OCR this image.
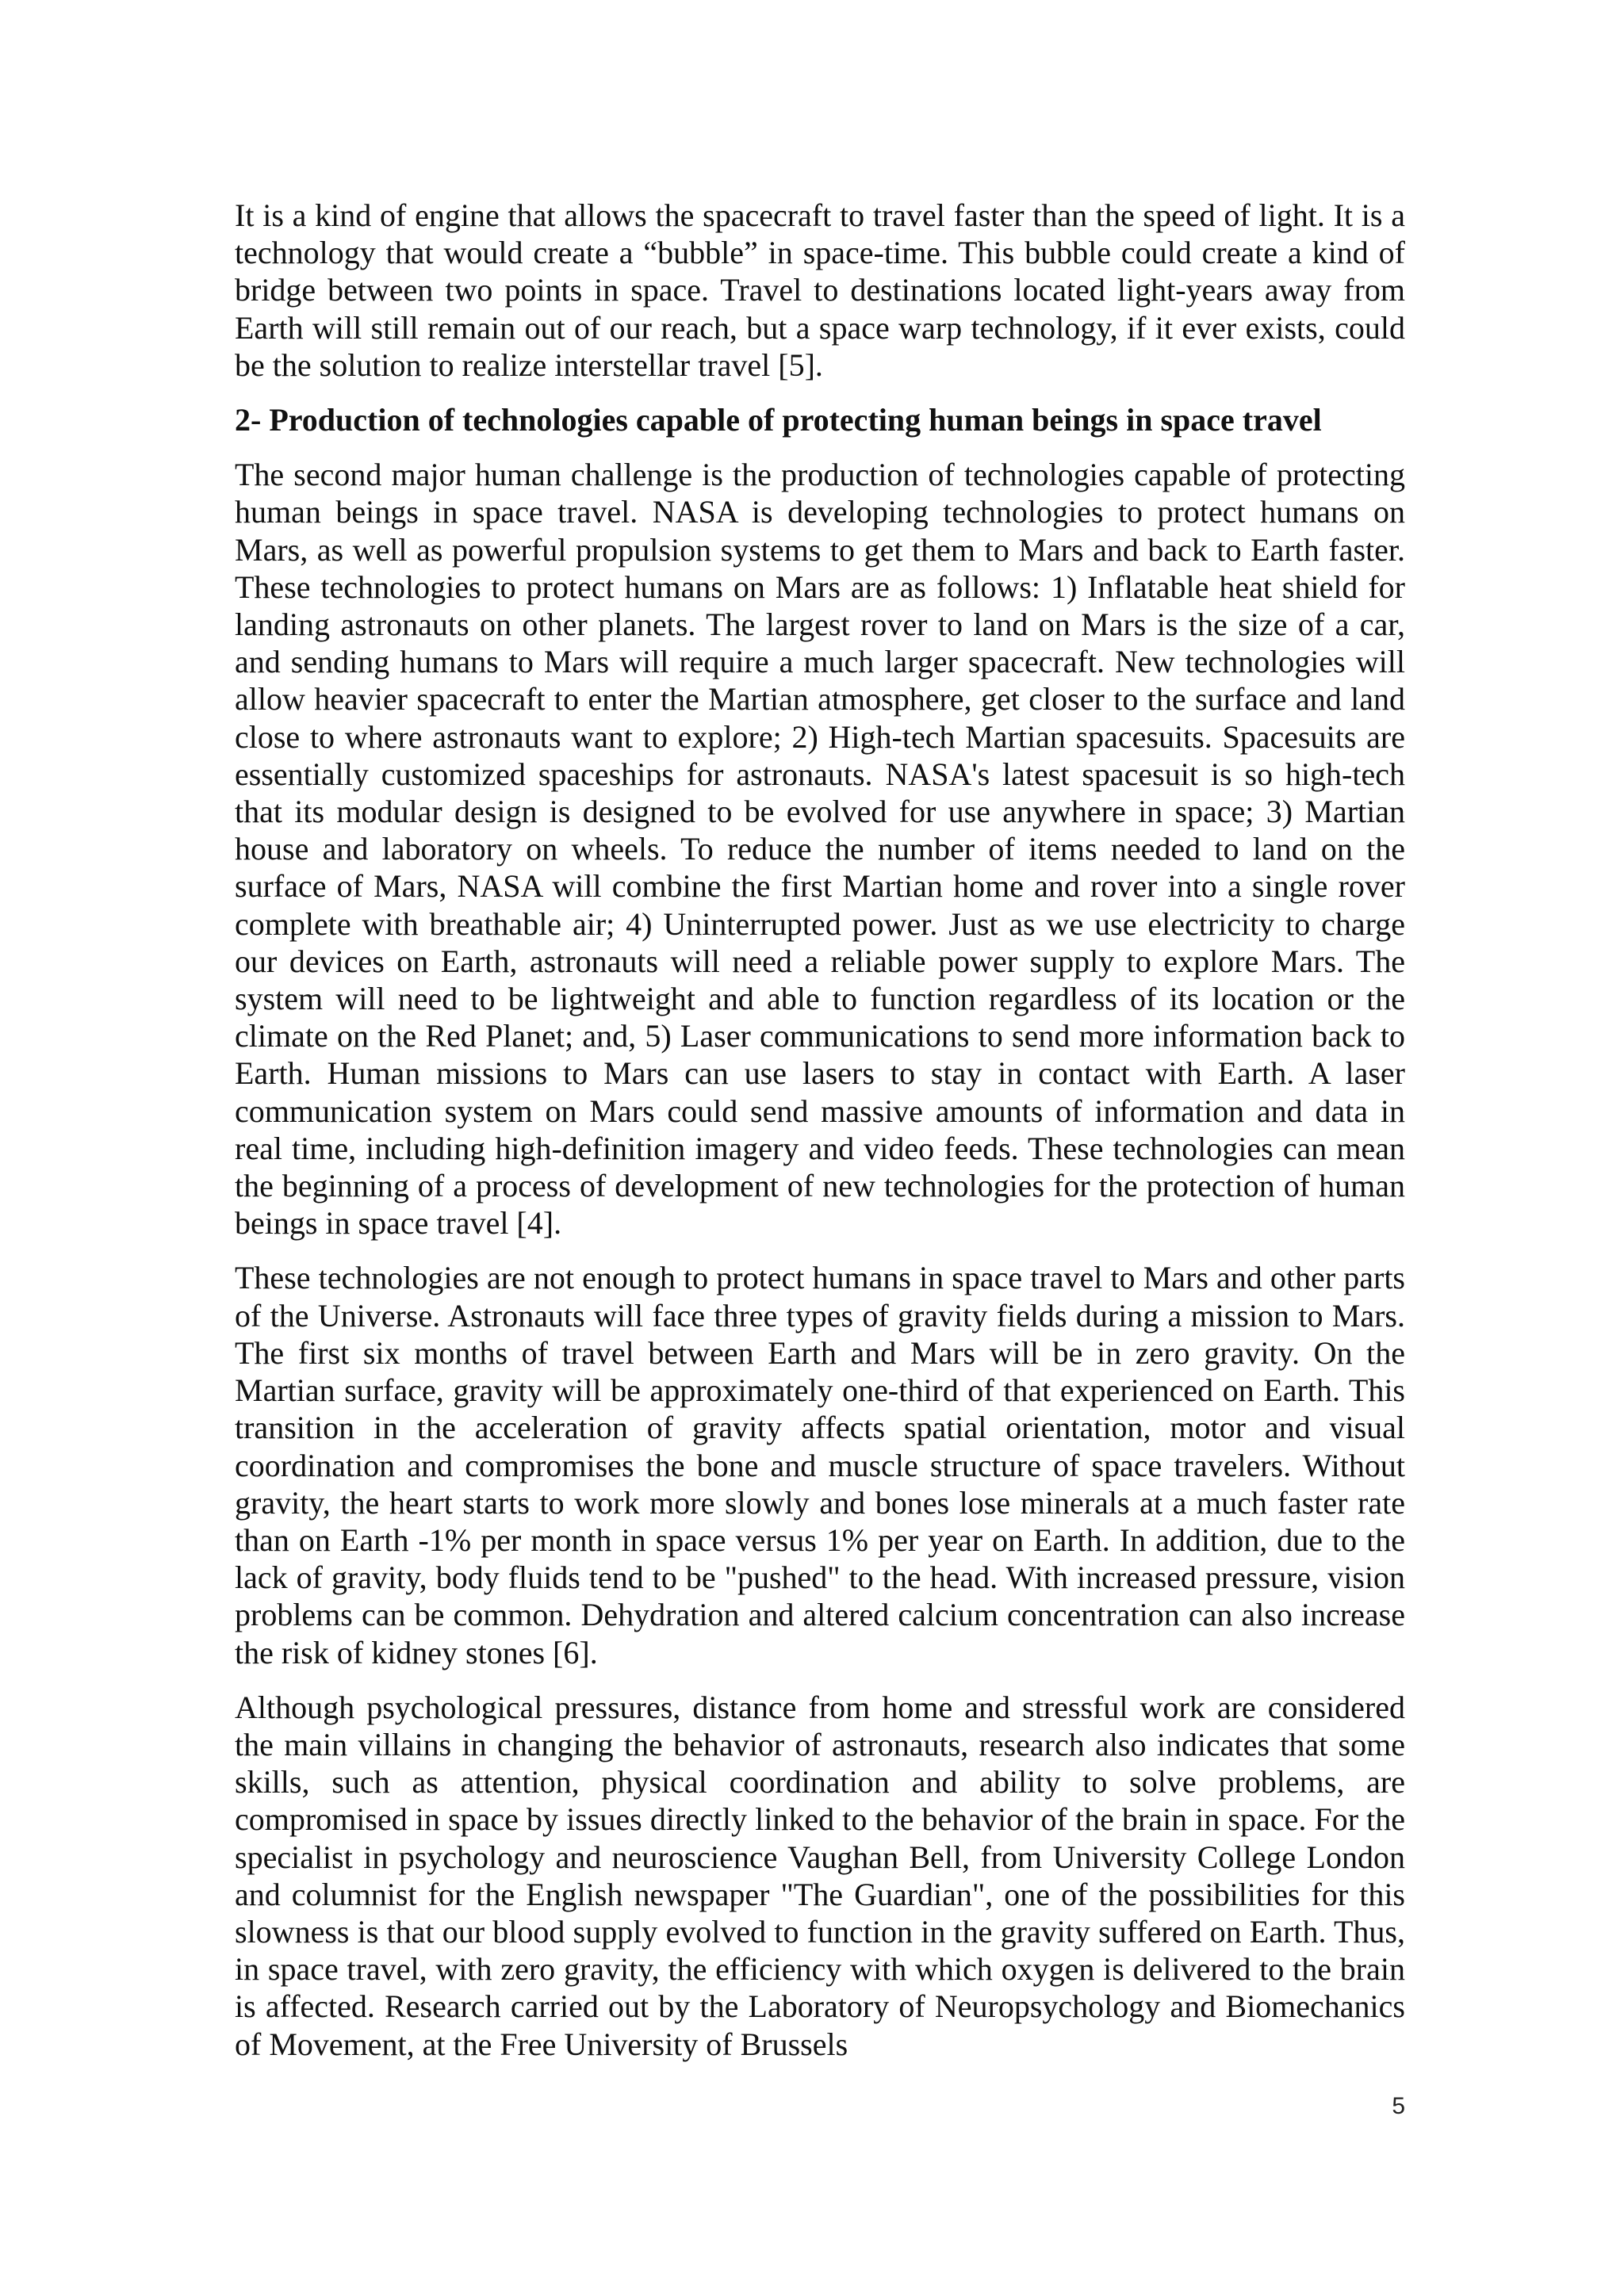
It is a kind of engine that allows the spacecraft to travel faster than the speed of light. It is a technology that would create a “bubble” in space-time. This bubble could create a kind of bridge between two points in space. Travel to destinations located light-years away from Earth will still remain out of our reach, but a space warp technology, if it ever exists, could be the solution to realize interstellar travel [5].

2- Production of technologies capable of protecting human beings in space travel

The second major human challenge is the production of technologies capable of protecting human beings in space travel. NASA is developing technologies to protect humans on Mars, as well as powerful propulsion systems to get them to Mars and back to Earth faster. These technologies to protect humans on Mars are as follows: 1) Inflatable heat shield for landing astronauts on other planets. The largest rover to land on Mars is the size of a car, and sending humans to Mars will require a much larger spacecraft. New technologies will allow heavier spacecraft to enter the Martian atmosphere, get closer to the surface and land close to where astronauts want to explore; 2) High-tech Martian spacesuits. Spacesuits are essentially customized spaceships for astronauts. NASA's latest spacesuit is so high-tech that its modular design is designed to be evolved for use anywhere in space; 3) Martian house and laboratory on wheels. To reduce the number of items needed to land on the surface of Mars, NASA will combine the first Martian home and rover into a single rover complete with breathable air; 4) Uninterrupted power. Just as we use electricity to charge our devices on Earth, astronauts will need a reliable power supply to explore Mars. The system will need to be lightweight and able to function regardless of its location or the climate on the Red Planet; and, 5) Laser communications to send more information back to Earth. Human missions to Mars can use lasers to stay in contact with Earth. A laser communication system on Mars could send massive amounts of information and data in real time, including high-definition imagery and video feeds. These technologies can mean the beginning of a process of development of new technologies for the protection of human beings in space travel [4].

These technologies are not enough to protect humans in space travel to Mars and other parts of the Universe. Astronauts will face three types of gravity fields during a mission to Mars. The first six months of travel between Earth and Mars will be in zero gravity. On the Martian surface, gravity will be approximately one-third of that experienced on Earth. This transition in the acceleration of gravity affects spatial orientation, motor and visual coordination and compromises the bone and muscle structure of space travelers. Without gravity, the heart starts to work more slowly and bones lose minerals at a much faster rate than on Earth -1% per month in space versus 1% per year on Earth. In addition, due to the lack of gravity, body fluids tend to be "pushed" to the head. With increased pressure, vision problems can be common. Dehydration and altered calcium concentration can also increase the risk of kidney stones [6].

Although psychological pressures, distance from home and stressful work are considered the main villains in changing the behavior of astronauts, research also indicates that some skills, such as attention, physical coordination and ability to solve problems, are compromised in space by issues directly linked to the behavior of the brain in space. For the specialist in psychology and neuroscience Vaughan Bell, from University College London and columnist for the English newspaper "The Guardian", one of the possibilities for this slowness is that our blood supply evolved to function in the gravity suffered on Earth. Thus, in space travel, with zero gravity, the efficiency with which oxygen is delivered to the brain is affected. Research carried out by the Laboratory of Neuropsychology and Biomechanics of Movement, at the Free University of Brussels

5
